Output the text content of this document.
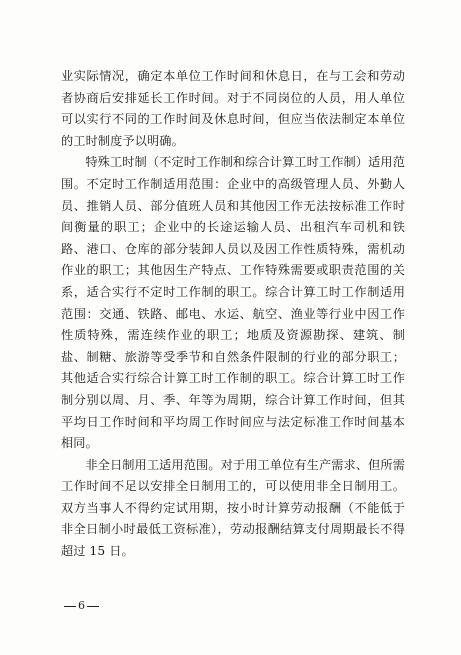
业实际情况，确定本单位工作时间和休息日，在与工会和劳动者协商后安排延长工作时间。对于不同岗位的人员，用人单位可以实行不同的工作时间及休息时间，但应当依法制定本单位的工时制度予以明确。

特殊工时制（不定时工作制和综合计算工时工作制）适用范围。不定时工作制适用范围：企业中的高级管理人员、外勤人员、推销人员、部分值班人员和其他因工作无法按标准工作时间衡量的职工；企业中的长途运输人员、出租汽车司机和铁路、港口、仓库的部分装卸人员以及因工作性质特殊，需机动作业的职工；其他因生产特点、工作特殊需要或职责范围的关系，适合实行不定时工作制的职工。综合计算工时工作制适用范围：交通、铁路、邮电、水运、航空、渔业等行业中因工作性质特殊，需连续作业的职工；地质及资源勘探、建筑、制盐、制糖、旅游等受季节和自然条件限制的行业的部分职工；其他适合实行综合计算工时工作制的职工。综合计算工时工作制分别以周、月、季、年等为周期，综合计算工作时间，但其平均日工作时间和平均周工作时间应与法定标准工作时间基本相同。

非全日制用工适用范围。对于用工单位有生产需求、但所需工作时间不足以安排全日制用工的，可以使用非全日制用工。双方当事人不得约定试用期，按小时计算劳动报酬（不能低于非全日制小时最低工资标准），劳动报酬结算支付周期最长不得超过 15 日。

6
